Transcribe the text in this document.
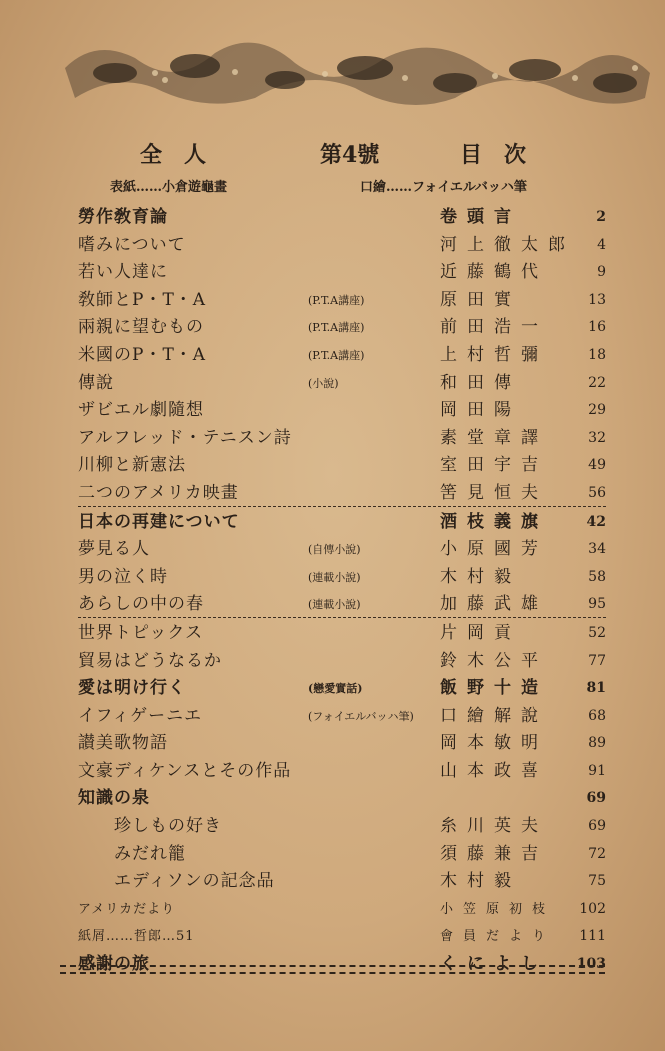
全　人	第4號	目　次
表紙……小倉遊龜畫	口繪……フォイエルバッハ筆
勞作敎育論	卷頭言	2
嗜みについて	河上徹太郎 4
若い人達に	近藤鶴代	9
敎師とP・T・A	(P.T.A講座)	原田實	13
兩親に望むもの	(P.T.A講座)	前田浩一	16
米國のP・T・A	(P.T.A講座)	上村哲彌	18
傳說	(小說)	和田傳	22
ザビエル劇隨想	岡田陽	29
アルフレッド・テニスン詩	素堂章譯	32
川柳と新憲法	室田宇吉	49
二つのアメリカ映畫	筈見恒夫	56
日本の再建について	酒枝義旗	42
夢見る人	(自傳小說)	小原國芳	34
男の泣く時	(連載小說)	木村毅	58
あらしの中の春	(連載小說)	加藤武雄	95
世界トピックス	片岡貢	52
貿易はどうなるか	鈴木公平	77
愛は明け行く	(戀愛實話)	飯野十造	81
イフィゲーニエ	(フォイエルバッハ筆) 口繪解說	68
讃美歌物語	岡本敏明	89
文豪ディケンスとその作品	山本政喜	91
知識の泉	69
珍しもの好き	糸川英夫	69
みだれ籠	須藤兼吉	72
エディソンの記念品	木村毅	75
アメリカだより	小笠原初枝 102
紙屑……哲郎…51	會員だより 111
感謝の旅	くによし 103
